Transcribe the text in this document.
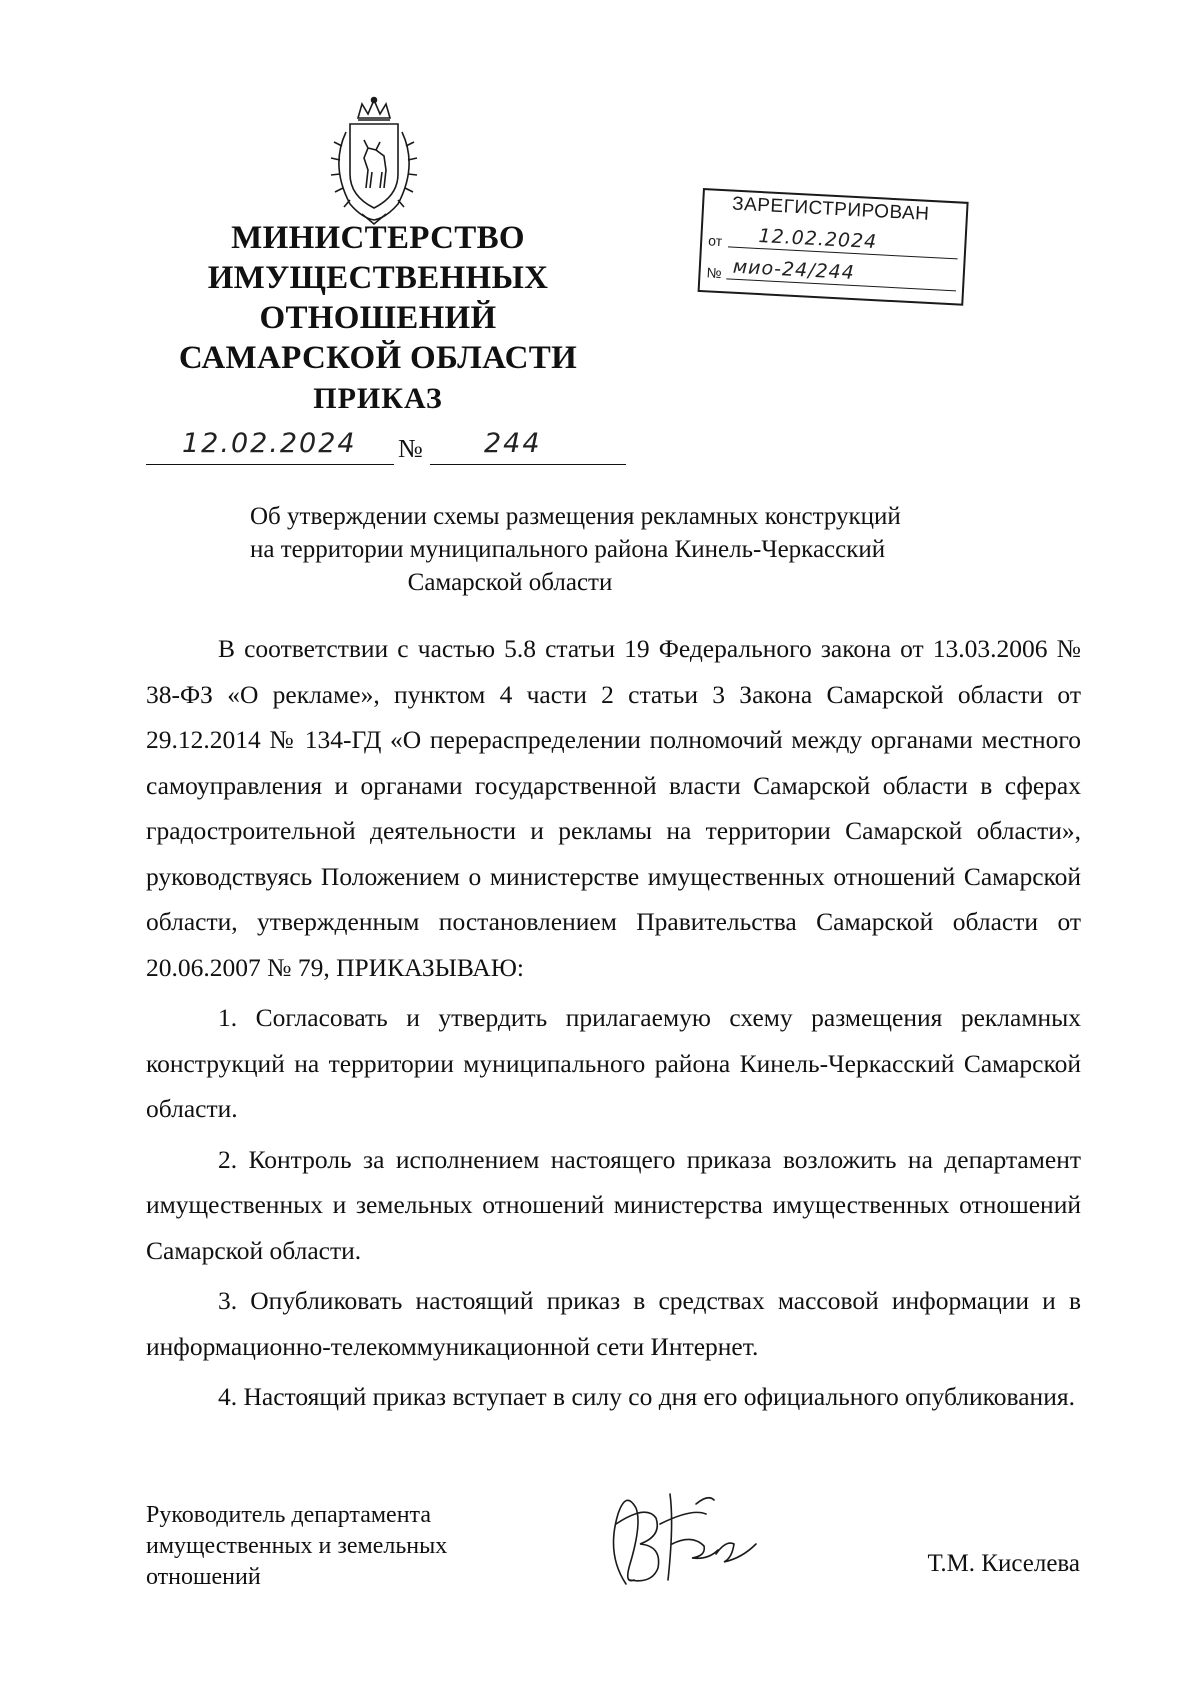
МИНИСТЕРСТВО
ИМУЩЕСТВЕННЫХ
ОТНОШЕНИЙ
САМАРСКОЙ ОБЛАСТИ
ПРИКАЗ
12.02.2024 № 244
ЗАРЕГИСТРИРОВАН
от 12.02.2024
№ мио-24/244
Об утверждении схемы размещения рекламных конструкций
на территории муниципального района Кинель-Черкасский
Самарской области

В соответствии с частью 5.8 статьи 19 Федерального закона от 13.03.2006 № 38-ФЗ «О рекламе», пунктом 4 части 2 статьи 3 Закона Самарской области от 29.12.2014 № 134-ГД «О перераспределении полномочий между органами местного самоуправления и органами государственной власти Самарской области в сферах градостроительной деятельности и рекламы на территории Самарской области», руководствуясь Положением о министерстве имущественных отношений Самарской области, утвержденным постановлением Правительства Самарской области от 20.06.2007 № 79, ПРИКАЗЫВАЮ:

1. Согласовать и утвердить прилагаемую схему размещения рекламных конструкций на территории муниципального района Кинель-Черкасский Самарской области.

2. Контроль за исполнением настоящего приказа возложить на департамент имущественных и земельных отношений министерства имущественных отношений Самарской области.

3. Опубликовать настоящий приказ в средствах массовой информации и в информационно-телекоммуникационной сети Интернет.

4. Настоящий приказ вступает в силу со дня его официального опубликования.

Руководитель департамента
имущественных и земельных
отношений	Т.М. Киселева
